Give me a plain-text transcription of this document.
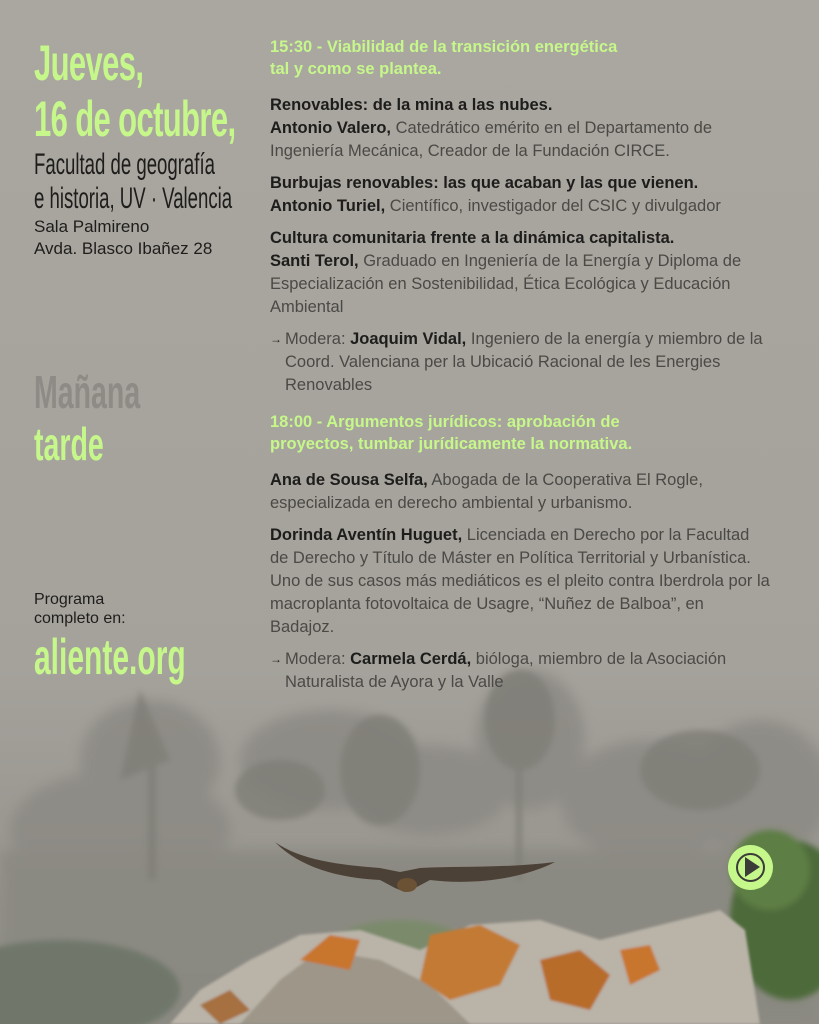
Jueves,
16 de octubre,
Facultad de geografía
e historia, UV · Valencia
Sala Palmireno
Avda. Blasco Ibañez 28
Mañana
tarde
Programa
completo en:
aliente.org
15:30 - Viabilidad de la transición energética
tal y como se plantea.
Renovables: de la mina a las nubes.
Antonio Valero, Catedrático emérito en el Departamento de Ingeniería Mecánica, Creador de la Fundación CIRCE.
Burbujas renovables: las que acaban y las que vienen.
Antonio Turiel, Científico, investigador del CSIC y divulgador
Cultura comunitaria frente a la dinámica capitalista.
Santi Terol, Graduado en Ingeniería de la Energía y Diploma de Especialización en Sostenibilidad, Ética Ecológica y Educación Ambiental
→ Modera: Joaquim Vidal, Ingeniero de la energía y miembro de la Coord. Valenciana per la Ubicació Racional de les Energies Renovables
18:00 - Argumentos jurídicos: aprobación de
proyectos, tumbar jurídicamente la normativa.
Ana de Sousa Selfa, Abogada de la Cooperativa El Rogle, especializada en derecho ambiental y urbanismo.
Dorinda Aventín Huguet, Licenciada en Derecho por la Facultad de Derecho y Título de Máster en Política Territorial y Urbanística. Uno de sus casos más mediáticos es el pleito contra Iberdrola por la macroplanta fotovoltaica de Usagre, “Nuñez de Balboa”, en Badajoz.
→ Modera: Carmela Cerdá, bióloga, miembro de la Asociación Naturalista de Ayora y la Valle
